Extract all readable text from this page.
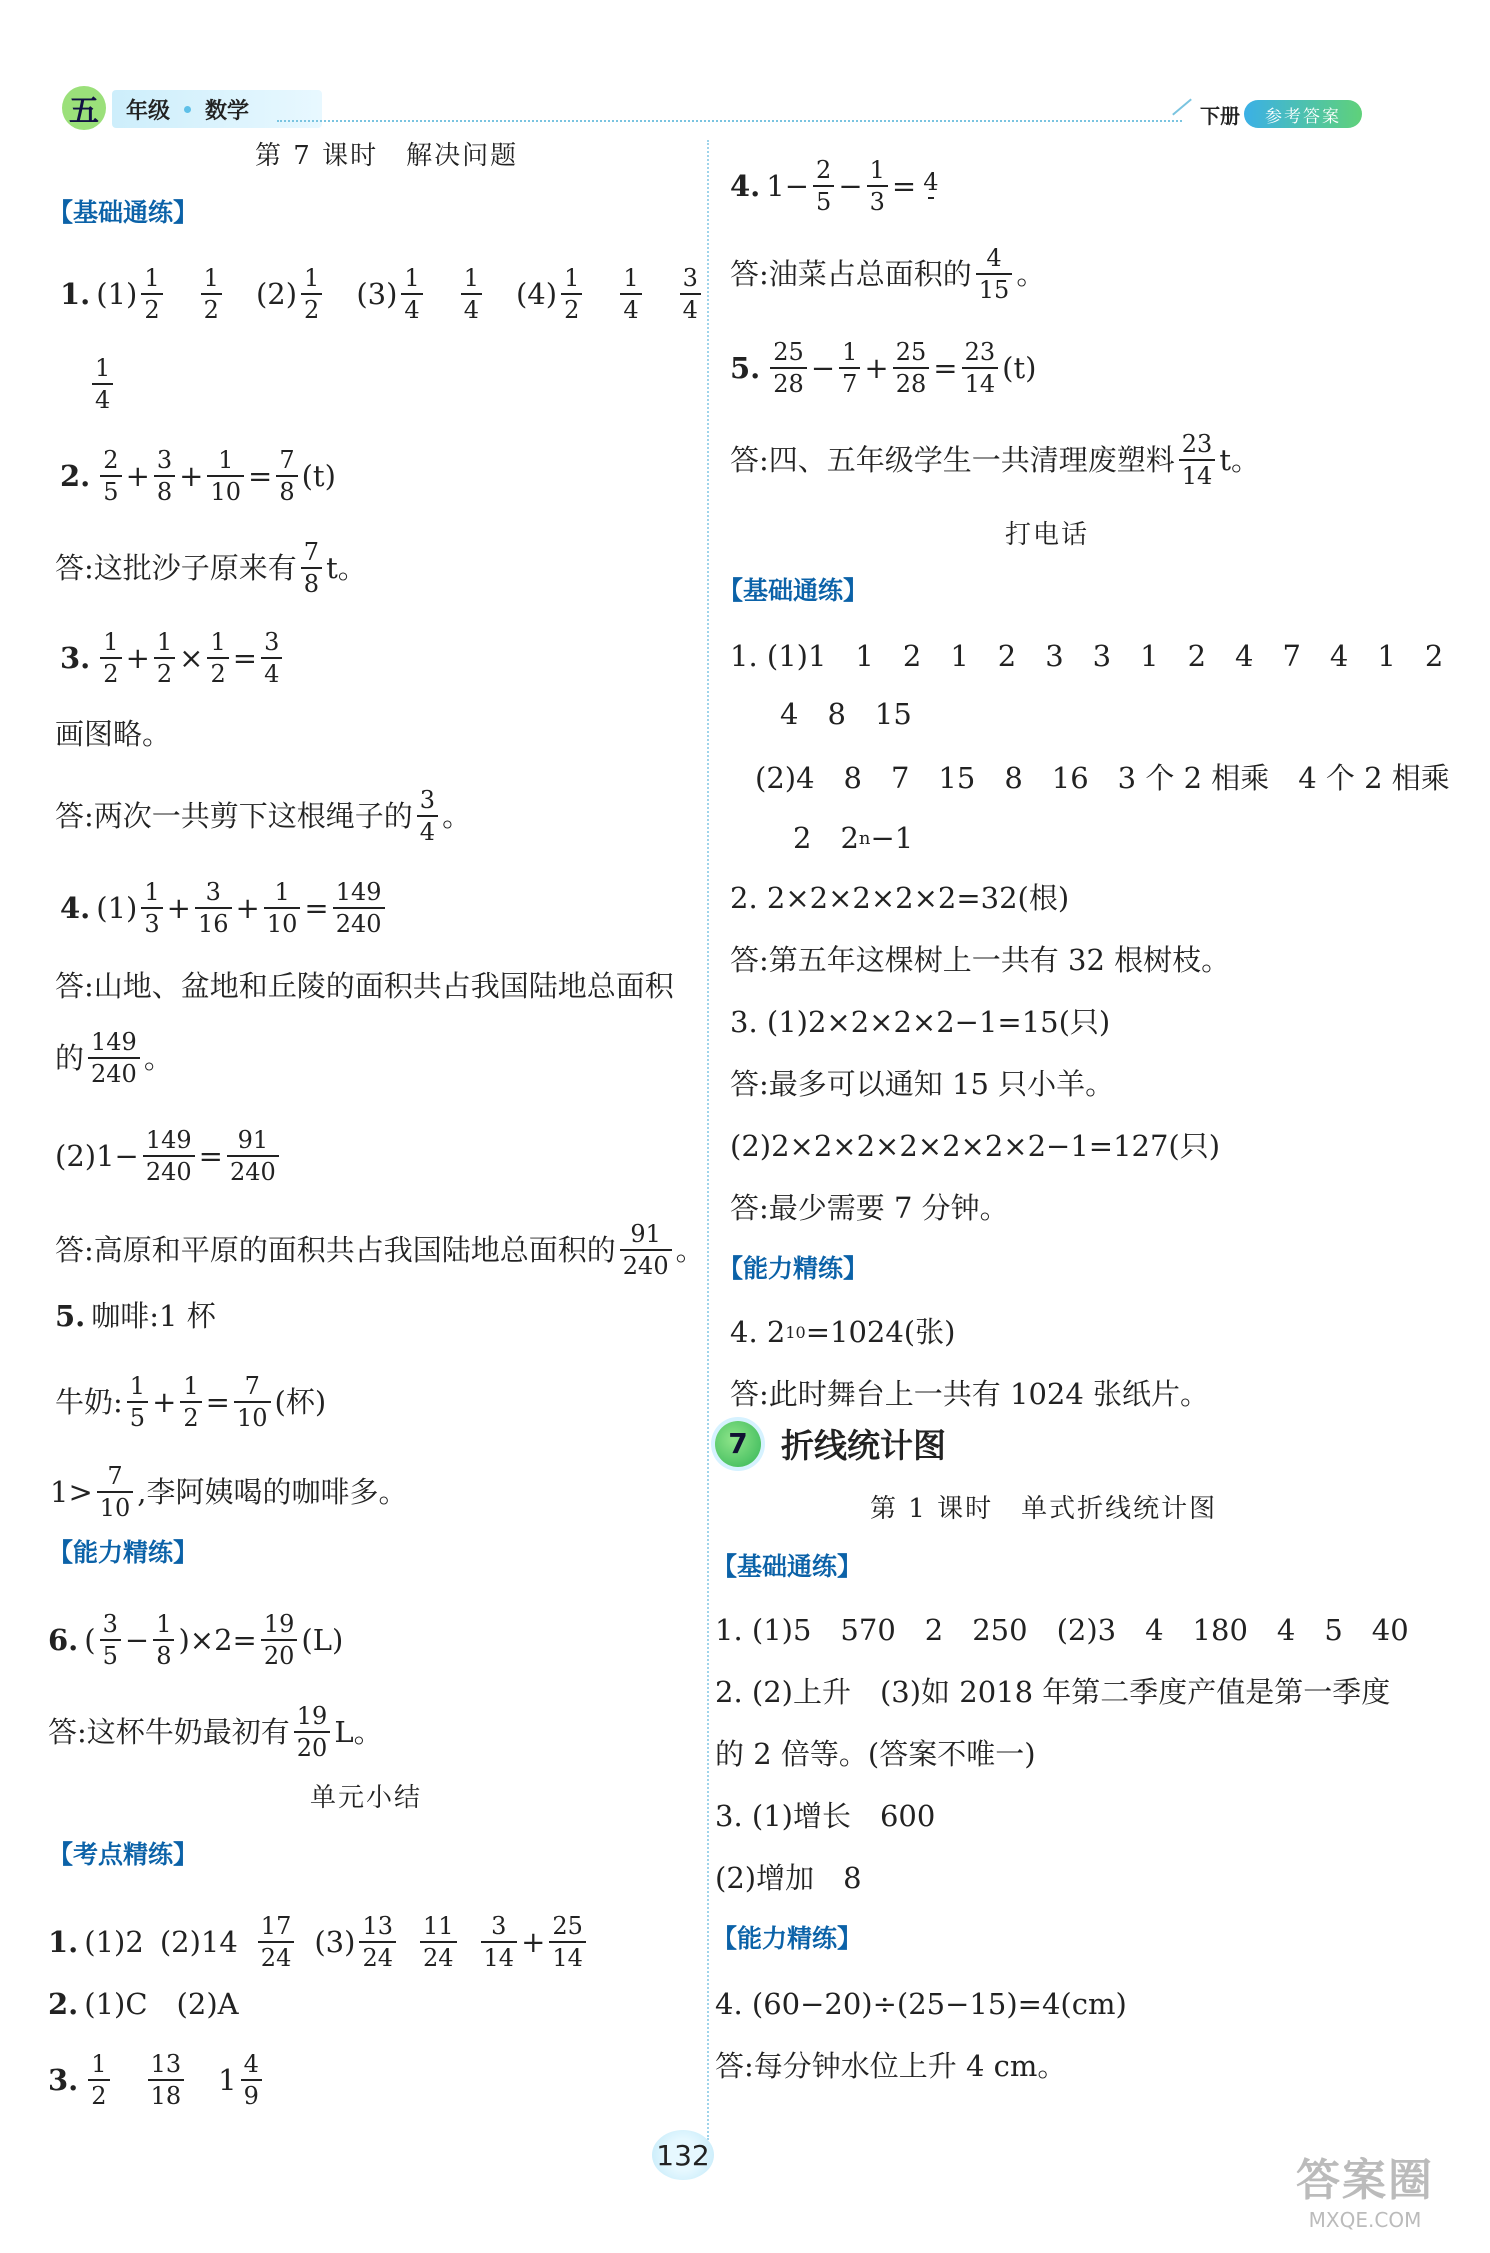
五	年级 数学	下册	参考答案
第 7 课时　解决问题
【基础通练】
1. $(1) \frac{1}{2} \frac{1}{2} (2) \frac{1}{2} (3) \frac{1}{4} \frac{1}{4} (4) \frac{1}{2} \frac{1}{4} \frac{3}{4}$
$\frac{1}{4}$
2. $\frac{2}{5} + \frac{3}{8} + \frac{1}{10} = \frac{7}{8} (t)$
答:这批沙子原来有 $\frac{7}{8}$ t。
3. $\frac{1}{2} + \frac{1}{2} \times \frac{1}{2} = \frac{3}{4}$
画图略。
答:两次一共剪下这根绳子的 $\frac{3}{4}$ 。
4. $(1) \frac{1}{3} + \frac{3}{16} + \frac{1}{10} = \frac{149}{240}$
答:山地、盆地和丘陵的面积共占我国陆地总面积
的 $\frac{149}{240}$ 。
$(2)1 - \frac{149}{240} = \frac{91}{240}$
答:高原和平原的面积共占我国陆地总面积的 $\frac{91}{240}$ 。
5. 咖啡:1 杯
牛奶: $\frac{1}{5} + \frac{1}{2} = \frac{7}{10}$ (杯)
$1> \frac{7}{10}$ ,李阿姨喝的咖啡多。
【能力精练】
6. ( $\frac{3}{5} - \frac{1}{8} )\times 2= \frac{19}{20} (L)$
答:这杯牛奶最初有 $\frac{19}{20}$ L。
单元小结
【考点精练】
1. (1)2 $(2)14 \frac{17}{24} (3) \frac{13}{24} \frac{11}{24} \frac{3}{14} + \frac{25}{14}$
2. (1)C　(2)A
3. $\frac{1}{2} \frac{13}{18} 1 \frac{4}{9}$
4. $1 - \frac{2}{5} - \frac{1}{3} = 4$
答:油菜占总面积的 $\frac{4}{15}$ 。
5. $\frac{25}{28} - \frac{1}{7} + \frac{25}{28} = \frac{23}{14} (t)$
答:四、五年级学生一共清理废塑料 $\frac{23}{14}$ t。
打电话
【基础通练】
1. (1)1　1　2　1　2　3　3　1　2　4　7　4　1　2
4　8　15
(2)4　8　7　15　8　16　3 个 2 相乘　4 个 2 相乘
2　2 n −1
2. 2×2×2×2×2=32(根)
答:第五年这棵树上一共有 32 根树枝。
3. (1)2×2×2×2−1=15(只)
答:最多可以通知 15 只小羊。
(2)2×2×2×2×2×2×2−1=127(只)
答:最少需要 7 分钟。
【能力精练】
4. 2 10 =1024(张)
答:此时舞台上一共有 1024 张纸片。
7	折线统计图
第 1 课时　单式折线统计图
【基础通练】
1. (1)5　570　2　250　(2)3　4　180　4　5　40
2. (2)上升　(3)如 2018 年第二季度产值是第一季度
的 2 倍等。(答案不唯一)
3. (1)增长　600
(2)增加　8
【能力精练】
4. (60−20)÷(25−15)=4(cm)
答:每分钟水位上升 4 cm。
132	答案圈
MXQE.COM
